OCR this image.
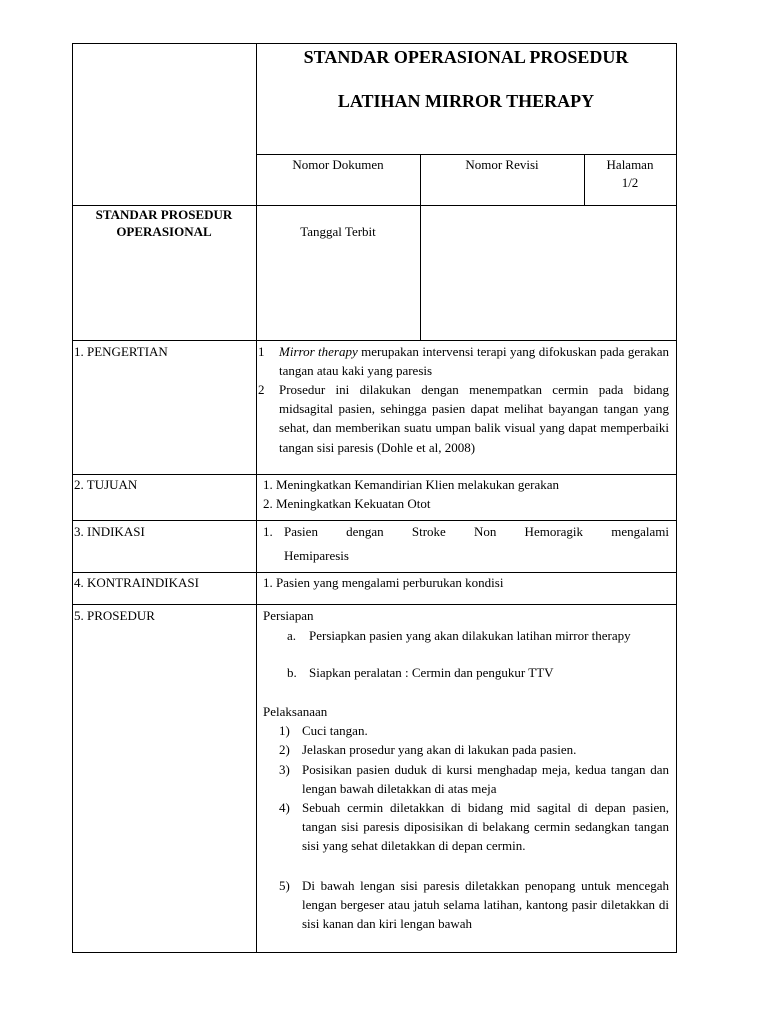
STANDAR OPERASIONAL PROSEDUR
LATIHAN MIRROR THERAPY
Nomor Dokumen	Nomor Revisi	Halaman
1/2
STANDAR PROSEDUR
OPERASIONAL	Tanggal Terbit
1. PENGERTIAN	1 Mirror therapy merupakan intervensi terapi yang difokuskan pada gerakan tangan atau kaki yang paresis
2 Prosedur ini dilakukan dengan menempatkan cermin pada bidang midsagital pasien, sehingga pasien dapat melihat bayangan tangan yang sehat, dan memberikan suatu umpan balik visual yang dapat memperbaiki tangan sisi paresis (Dohle et al, 2008)
2. TUJUAN	1. Meningkatkan Kemandirian Klien melakukan gerakan
2. Meningkatkan Kekuatan Otot
3. INDIKASI	1. Pasien dengan Stroke Non Hemoragik mengalami
Hemiparesis
4. KONTRAINDIKASI	1. Pasien yang mengalami perburukan kondisi
5. PROSEDUR	Persiapan
a. Persiapkan pasien yang akan dilakukan latihan mirror therapy
b. Siapkan peralatan : Cermin dan pengukur TTV
Pelaksanaan
1) Cuci tangan.
2) Jelaskan prosedur yang akan di lakukan pada pasien.
3) Posisikan pasien duduk di kursi menghadap meja, kedua tangan dan lengan bawah diletakkan di atas meja
4) Sebuah cermin diletakkan di bidang mid sagital di depan pasien, tangan sisi paresis diposisikan di belakang cermin sedangkan tangan sisi yang sehat diletakkan di depan cermin.
5) Di bawah lengan sisi paresis diletakkan penopang untuk mencegah lengan bergeser atau jatuh selama latihan, kantong pasir diletakkan di sisi kanan dan kiri lengan bawah
